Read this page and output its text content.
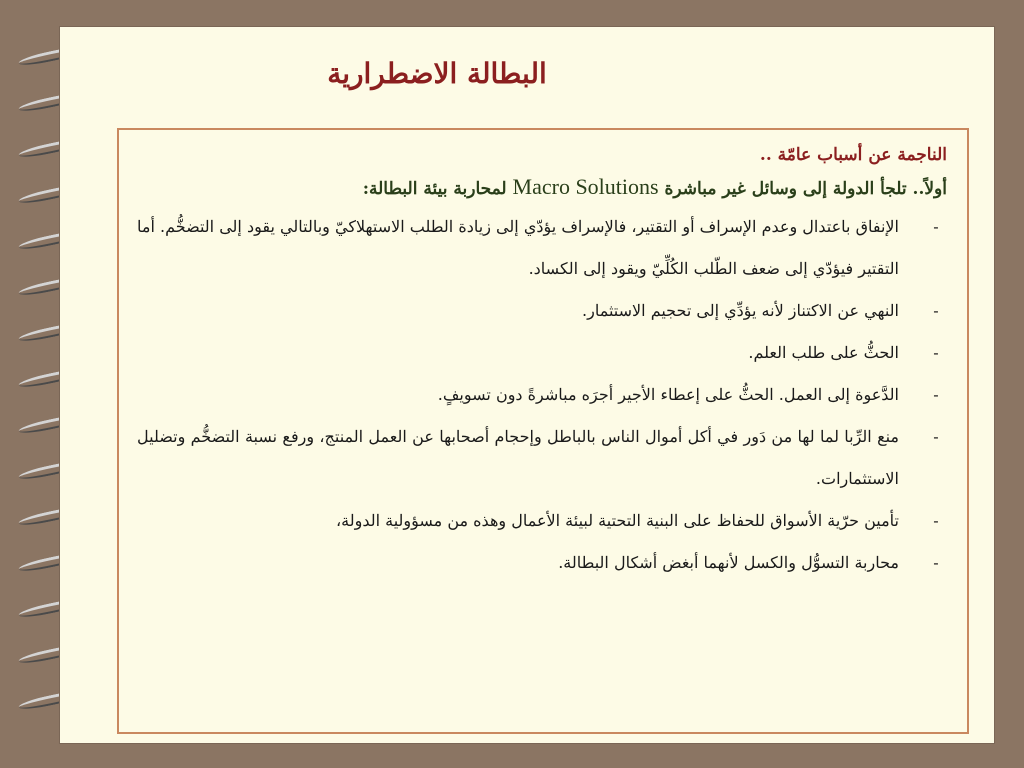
البطالة الاضطرارية

الناجمة عن أسباب عامّة ..

أولاً.. تلجأ الدولة إلى وسائل غير مباشرة Macro Solutions لمحاربة بيئة البطالة:

-
الإنفاق باعتدال وعدم الإسراف أو التقتير، فالإسراف يؤدّي إلى زيادة الطلب الاستهلاكيّ وبالتالي يقود إلى التضخُّم. أما التقتير فيؤدّي إلى ضعف الطّلب الكُلِّيّ ويقود إلى الكساد.
-
النهي عن الاكتناز لأنه يؤدِّي إلى تحجيم الاستثمار.
-
الحثُّ على طلب العلم.
-
الدَّعوة إلى العمل. الحثُّ على إعطاء الأجير أجرَه مباشرةً دون تسويفٍ.
-
منع الرِّبا لما لها من دَور في أكل أموال الناس بالباطل وإحجام أصحابها عن العمل المنتج، ورفع نسبة التضخُّم وتضليل الاستثمارات.
-
تأمين حرّية الأسواق للحفاظ على البنية التحتية لبيئة الأعمال وهذه من مسؤولية الدولة،
-
محاربة التسوُّل والكسل لأنهما أبغض أشكال البطالة.
